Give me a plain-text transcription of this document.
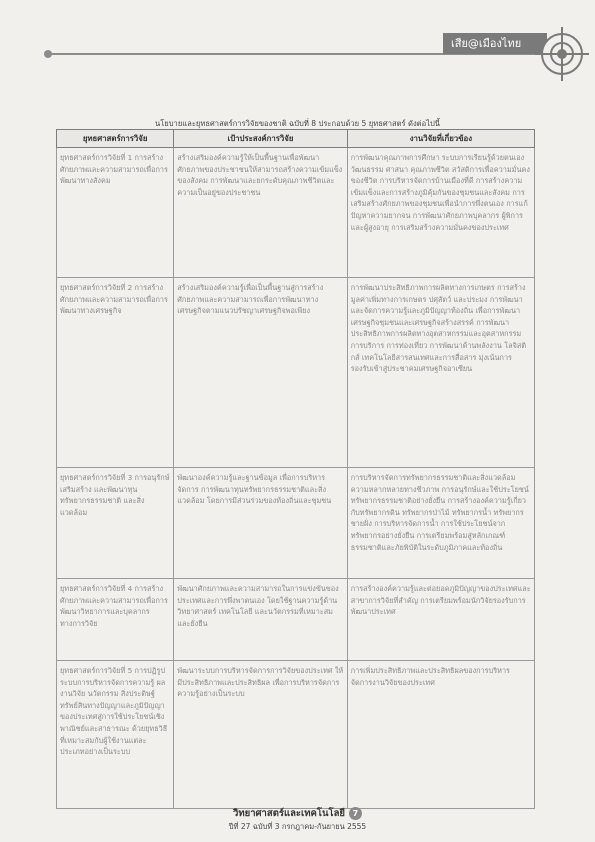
เสีย@เมืองไทย
นโยบายและยุทธศาสตร์การวิจัยของชาติ ฉบับที่ 8 ประกอบด้วย 5 ยุทธศาสตร์ ดังต่อไปนี้
ยุทธศาสตร์การวิจัย	เป้าประสงค์การวิจัย	งานวิจัยที่เกี่ยวข้อง
ยุทธศาสตร์การวิจัยที่ 1 การสร้างศักยภาพและความสามารถเพื่อการพัฒนาทางสังคม	สร้างเสริมองค์ความรู้ให้เป็นพื้นฐานเพื่อพัฒนาศักยภาพของประชาชนให้สามารถสร้างความเข้มแข็งของสังคม การพัฒนาและยกระดับคุณภาพชีวิตและความเป็นอยู่ของประชาชน	การพัฒนาคุณภาพการศึกษา ระบบการเรียนรู้ด้วยตนเอง วัฒนธรรม ศาสนา คุณภาพชีวิต สวัสดิการเพื่อความมั่นคงของชีวิต การบริหารจัดการบ้านเมืองที่ดี การสร้างความเข้มแข็งและการสร้างภูมิคุ้มกันของชุมชนและสังคม การเสริมสร้างศักยภาพของชุมชนเพื่อนำการพึ่งตนเอง การแก้ปัญหาความยากจน การพัฒนาศักยภาพบุคลากร ผู้พิการ และผู้สูงอายุ การเสริมสร้างความมั่นคงของประเทศ
ยุทธศาสตร์การวิจัยที่ 2 การสร้างศักยภาพและความสามารถเพื่อการพัฒนาทางเศรษฐกิจ	สร้างเสริมองค์ความรู้เพื่อเป็นพื้นฐานสู่การสร้างศักยภาพและความสามารถเพื่อการพัฒนาทางเศรษฐกิจตามแนวปรัชญาเศรษฐกิจพอเพียง	การพัฒนาประสิทธิภาพการผลิตทางการเกษตร การสร้างมูลค่าเพิ่มทางการเกษตร ปศุสัตว์ และประมง การพัฒนาและจัดการความรู้และภูมิปัญญาท้องถิ่น เพื่อการพัฒนาเศรษฐกิจชุมชนและเศรษฐกิจสร้างสรรค์ การพัฒนาประสิทธิภาพการผลิตทางอุตสาหกรรมและอุตสาหกรรมการบริการ การท่องเที่ยว การพัฒนาด้านพลังงาน โลจิสติกส์ เทคโนโลยีสารสนเทศและการสื่อสาร มุ่งเน้นการรองรับเข้าสู่ประชาคมเศรษฐกิจอาเซียน
ยุทธศาสตร์การวิจัยที่ 3 การอนุรักษ์ เสริมสร้าง และพัฒนาทุนทรัพยากรธรรมชาติ และสิ่งแวดล้อม	พัฒนาองค์ความรู้และฐานข้อมูล เพื่อการบริหารจัดการ การพัฒนาทุนทรัพยากรธรรมชาติและสิ่งแวดล้อม โดยการมีส่วนร่วมของท้องถิ่นและชุมชน	การบริหารจัดการทรัพยากรธรรมชาติและสิ่งแวดล้อม ความหลากหลายทางชีวภาพ การอนุรักษ์และใช้ประโยชน์ทรัพยากรธรรมชาติอย่างยั่งยืน การสร้างองค์ความรู้เกี่ยวกับทรัพยากรดิน ทรัพยากรป่าไม้ ทรัพยากรน้ำ ทรัพยากรชายฝั่ง การบริหารจัดการน้ำ การใช้ประโยชน์จากทรัพยากรอย่างยั่งยืน การเตรียมพร้อมสู่หลักเกณฑ์ธรรมชาติและภัยพิบัติในระดับภูมิภาคและท้องถิ่น
ยุทธศาสตร์การวิจัยที่ 4 การสร้างศักยภาพและความสามารถเพื่อการพัฒนาวิทยาการและบุคลากรทางการวิจัย	พัฒนาศักยภาพและความสามารถในการแข่งขันของประเทศและการพึ่งพาตนเอง โดยใช้ฐานความรู้ด้านวิทยาศาสตร์ เทคโนโลยี และนวัตกรรมที่เหมาะสมและยั่งยืน	การสร้างองค์ความรู้และต่อยอดภูมิปัญญาของประเทศและสาขาการวิจัยที่สำคัญ การเตรียมพร้อมนักวิจัยรองรับการพัฒนาประเทศ
ยุทธศาสตร์การวิจัยที่ 5 การปฏิรูประบบการบริหารจัดการความรู้ ผลงานวิจัย นวัตกรรม สิ่งประดิษฐ์ ทรัพย์สินทางปัญญาและภูมิปัญญาของประเทศสู่การใช้ประโยชน์เชิงพาณิชย์และสาธารณะ ด้วยยุทธวิธีที่เหมาะสมกับผู้ใช้งานแต่ละประเภทอย่างเป็นระบบ	พัฒนาระบบการบริหารจัดการการวิจัยของประเทศ ให้มีประสิทธิภาพและประสิทธิผล เพื่อการบริหารจัดการความรู้อย่างเป็นระบบ	การเพิ่มประสิทธิภาพและประสิทธิผลของการบริหารจัดการงานวิจัยของประเทศ
วิทยาศาสตร์และเทคโนโลยี 7
ปีที่ 27 ฉบับที่ 3 กรกฎาคม-กันยายน 2555
